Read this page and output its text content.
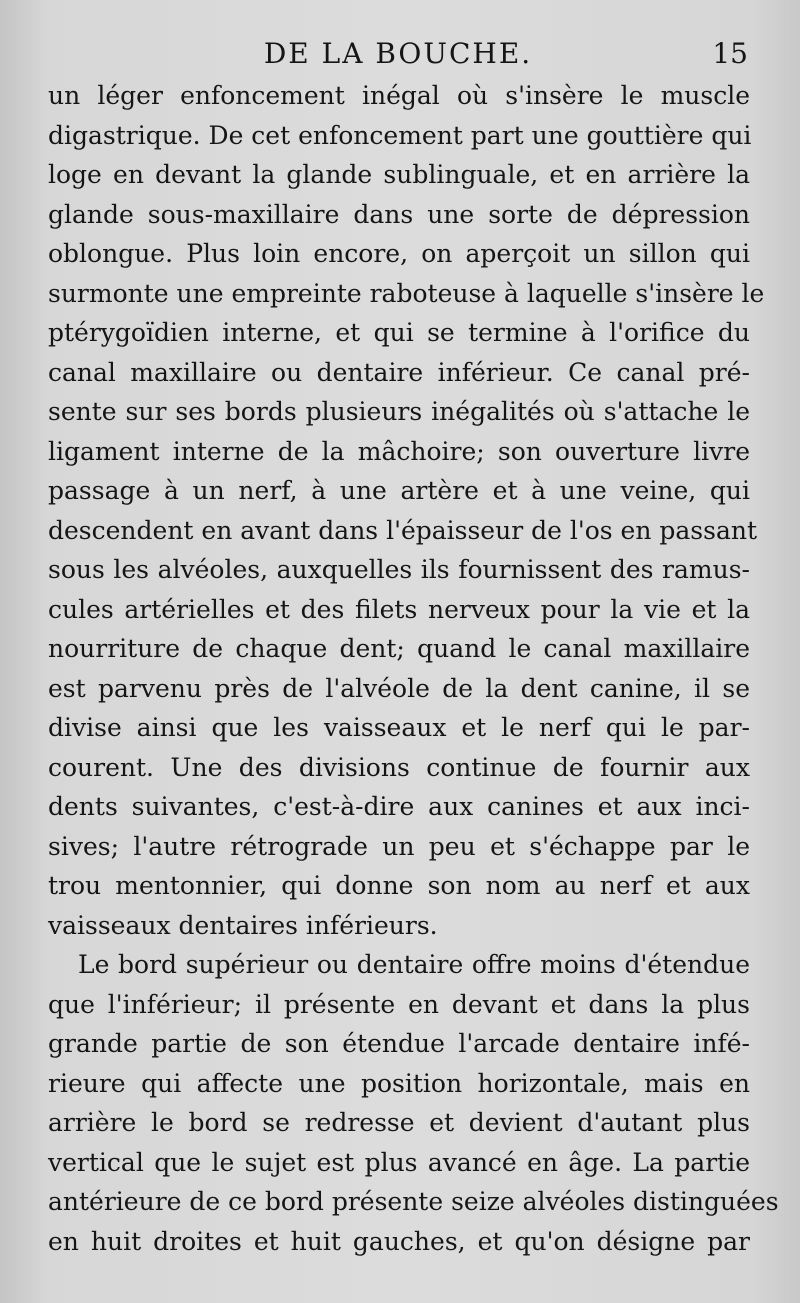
DE LA BOUCHE.	15
un léger enfoncement inégal où s'insère le muscle
digastrique. De cet enfoncement part une gouttière qui
loge en devant la glande sublinguale, et en arrière la
glande sous-maxillaire dans une sorte de dépression
oblongue. Plus loin encore, on aperçoit un sillon qui
surmonte une empreinte raboteuse à laquelle s'insère le
ptérygoïdien interne, et qui se termine à l'orifice du
canal maxillaire ou dentaire inférieur. Ce canal pré-
sente sur ses bords plusieurs inégalités où s'attache le
ligament interne de la mâchoire; son ouverture livre
passage à un nerf, à une artère et à une veine, qui
descendent en avant dans l'épaisseur de l'os en passant
sous les alvéoles, auxquelles ils fournissent des ramus-
cules artérielles et des filets nerveux pour la vie et la
nourriture de chaque dent; quand le canal maxillaire
est parvenu près de l'alvéole de la dent canine, il se
divise ainsi que les vaisseaux et le nerf qui le par-
courent. Une des divisions continue de fournir aux
dents suivantes, c'est-à-dire aux canines et aux inci-
sives; l'autre rétrograde un peu et s'échappe par le
trou mentonnier, qui donne son nom au nerf et aux
vaisseaux dentaires inférieurs.
Le bord supérieur ou dentaire offre moins d'étendue
que l'inférieur; il présente en devant et dans la plus
grande partie de son étendue l'arcade dentaire infé-
rieure qui affecte une position horizontale, mais en
arrière le bord se redresse et devient d'autant plus
vertical que le sujet est plus avancé en âge. La partie
antérieure de ce bord présente seize alvéoles distinguées
en huit droites et huit gauches, et qu'on désigne par
